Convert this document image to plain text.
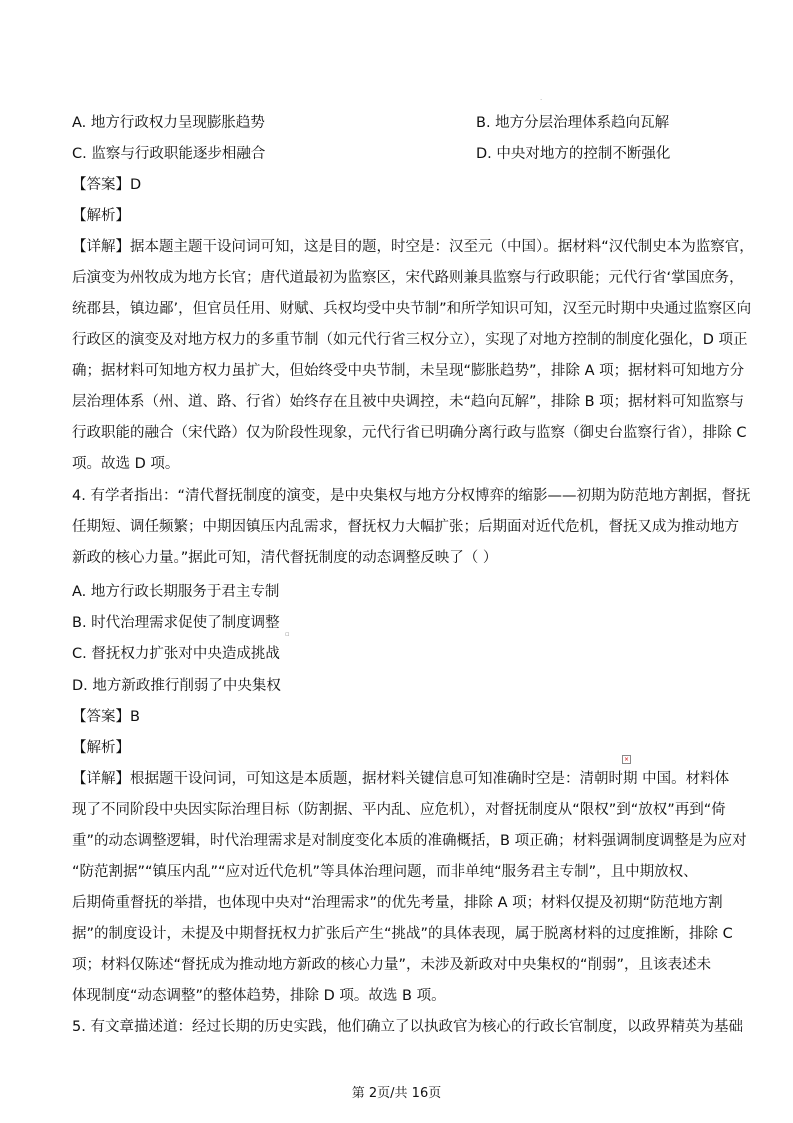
·
A. 地方行政权力呈现膨胀趋势	B. 地方分层治理体系趋向瓦解
C. 监察与行政职能逐步相融合	D. 中央对地方的控制不断强化
【答案】D
【解析】
【详解】据本题主题干设问词可知，这是目的题，时空是：汉至元（中国）。据材料“汉代制史本为监察官，
后演变为州牧成为地方长官；唐代道最初为监察区，宋代路则兼具监察与行政职能；元代行省‘掌国庶务，
统郡县，镇边鄙’，但官员任用、财赋、兵权均受中央节制”和所学知识可知，汉至元时期中央通过监察区向
行政区的演变及对地方权力的多重节制（如元代行省三权分立），实现了对地方控制的制度化强化，D 项正
确；据材料可知地方权力虽扩大，但始终受中央节制，未呈现“膨胀趋势”，排除 A 项；据材料可知地方分
层治理体系（州、道、路、行省）始终存在且被中央调控，未“趋向瓦解”，排除 B 项；据材料可知监察与
行政职能的融合（宋代路）仅为阶段性现象，元代行省已明确分离行政与监察（御史台监察行省），排除 C
项。故选 D 项。
4. 有学者指出：“清代督抚制度的演变，是中央集权与地方分权博弈的缩影——初期为防范地方割据，督抚
任期短、调任频繁；中期因镇压内乱需求，督抚权力大幅扩张；后期面对近代危机，督抚又成为推动地方
新政的核心力量。”据此可知，清代督抚制度的动态调整反映了（ ）
A. 地方行政长期服务于君主专制
B. 时代治理需求促使了制度调整
▫
C. 督抚权力扩张对中央造成挑战
D. 地方新政推行削弱了中央集权
【答案】B
【解析】
×
【详解】根据题干设问词，可知这是本质题，据材料关键信息可知准确时空是：清朝时期 中国。材料体
现了不同阶段中央因实际治理目标（防割据、平内乱、应危机），对督抚制度从“限权”到“放权”再到“倚
重”的动态调整逻辑，时代治理需求是对制度变化本质的准确概括，B 项正确；材料强调制度调整是为应对
“防范割据”“镇压内乱”“应对近代危机”等具体治理问题，而非单纯“服务君主专制”，且中期放权、
后期倚重督抚的举措，也体现中央对“治理需求”的优先考量，排除 A 项；材料仅提及初期“防范地方割
据”的制度设计，未提及中期督抚权力扩张后产生“挑战”的具体表现，属于脱离材料的过度推断，排除 C
项；材料仅陈述“督抚成为推动地方新政的核心力量”，未涉及新政对中央集权的“削弱”，且该表述未
体现制度“动态调整”的整体趋势，排除 D 项。故选 B 项。
5. 有文章描述道：经过长期的历史实践，他们确立了以执政官为核心的行政长官制度，以政界精英为基础
第 2页/共 16页
